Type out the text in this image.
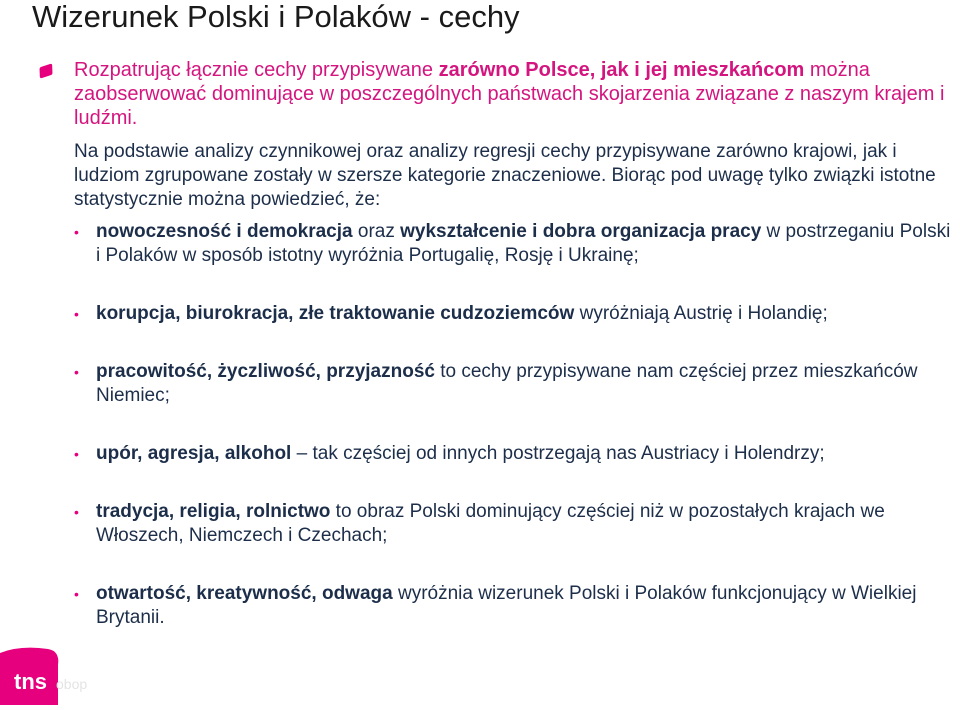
Wizerunek Polski i Polaków - cechy

Rozpatrując łącznie cechy przypisywane zarówno Polsce, jak i jej mieszkańcom można zaobserwować dominujące w poszczególnych państwach skojarzenia związane z naszym krajem i ludźmi.

Na podstawie analizy czynnikowej oraz analizy regresji cechy przypisywane zarówno krajowi, jak i ludziom zgrupowane zostały w szersze kategorie znaczeniowe. Biorąc pod uwagę tylko związki istotne statystycznie można powiedzieć, że:

• nowoczesność i demokracja oraz wykształcenie i dobra organizacja pracy w postrzeganiu Polski i Polaków w sposób istotny wyróżnia Portugalię, Rosję i Ukrainę;
• korupcja, biurokracja, złe traktowanie cudzoziemców wyróżniają Austrię i Holandię;
• pracowitość, życzliwość, przyjazność to cechy przypisywane nam częściej przez mieszkańców Niemiec;
• upór, agresja, alkohol – tak częściej od innych postrzegają nas Austriacy i Holendrzy;
• tradycja, religia, rolnictwo to obraz Polski dominujący częściej niż w pozostałych krajach we Włoszech, Niemczech i Czechach;
• otwartość, kreatywność, odwaga wyróżnia wizerunek Polski i Polaków funkcjonujący w Wielkiej Brytanii.
tns obop
